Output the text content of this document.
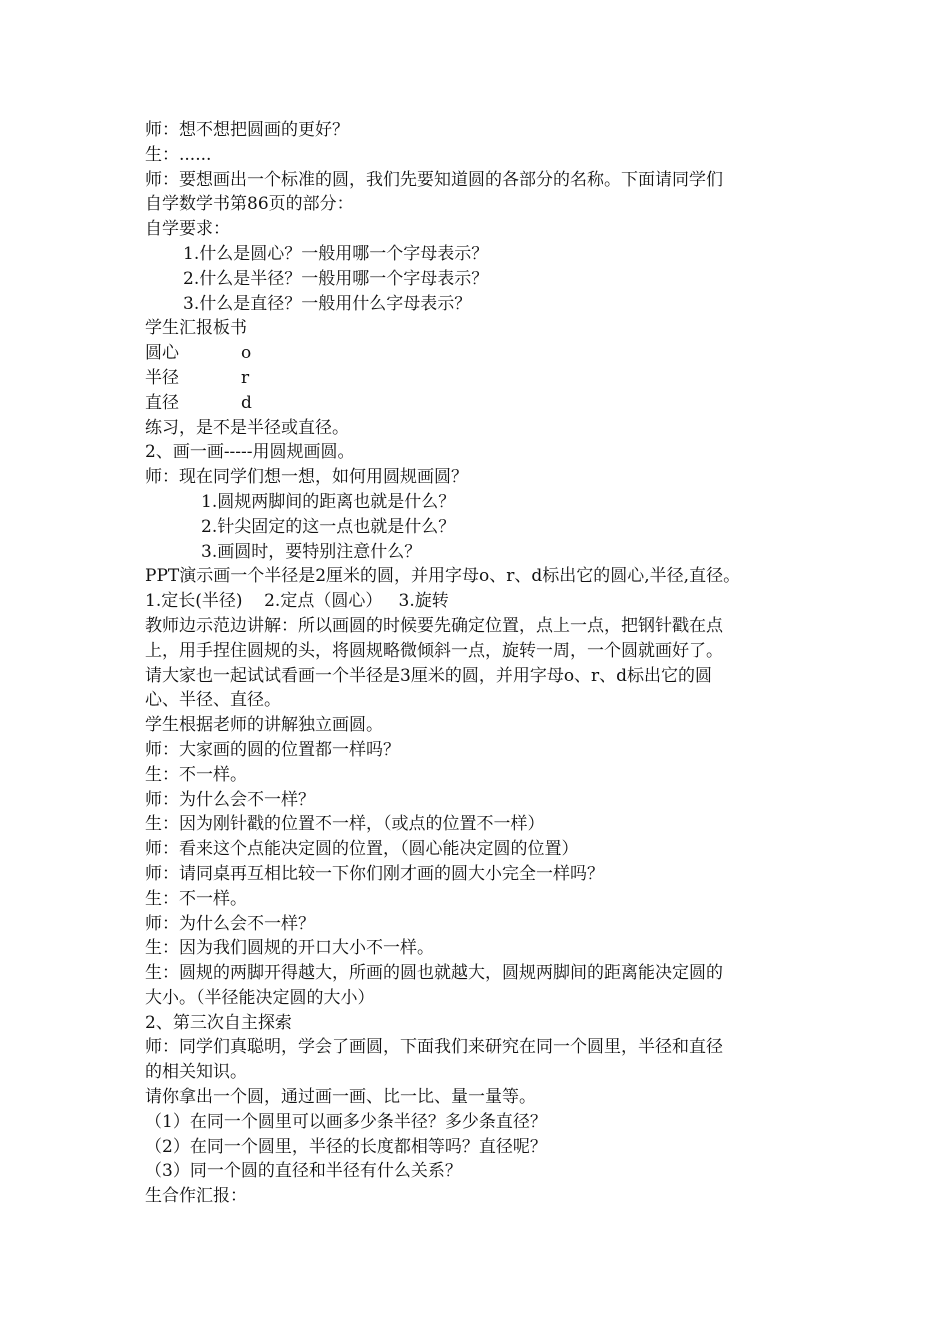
师：想不想把圆画的更好？
生：......
师：要想画出一个标准的圆，我们先要知道圆的各部分的名称。下面请同学们
自学数学书第86页的部分：
自学要求：
1.什么是圆心？一般用哪一个字母表示？
2.什么是半径？一般用哪一个字母表示？
3.什么是直径？一般用什么字母表示？
学生汇报板书
圆心	o
半径	r
直径	d
练习，是不是半径或直径。
2、画一画-----用圆规画圆。
师：现在同学们想一想，如何用圆规画圆？
1.圆规两脚间的距离也就是什么？
2.针尖固定的这一点也就是什么？
3.画圆时，要特别注意什么？
PPT演示画一个半径是2厘米的圆，并用字母o、r、d标出它的圆心,半径,直径。
1.定长(半径)    2.定点（圆心）   3.旋转
教师边示范边讲解：所以画圆的时候要先确定位置，点上一点，把钢针戳在点
上，用手捏住圆规的头，将圆规略微倾斜一点，旋转一周，一个圆就画好了。
请大家也一起试试看画一个半径是3厘米的圆，并用字母o、r、d标出它的圆
心、半径、直径。
学生根据老师的讲解独立画圆。
师：大家画的圆的位置都一样吗？
生：不一样。
师：为什么会不一样？
生：因为刚针戳的位置不一样，（或点的位置不一样）
师：看来这个点能决定圆的位置，（圆心能决定圆的位置）
师：请同桌再互相比较一下你们刚才画的圆大小完全一样吗？
生：不一样。
师：为什么会不一样？
生：因为我们圆规的开口大小不一样。
生：圆规的两脚开得越大，所画的圆也就越大，圆规两脚间的距离能决定圆的
大小。（半径能决定圆的大小）
2、第三次自主探索
师：同学们真聪明，学会了画圆，下面我们来研究在同一个圆里，半径和直径
的相关知识。
请你拿出一个圆，通过画一画、比一比、量一量等。
（1）在同一个圆里可以画多少条半径？多少条直径？
（2）在同一个圆里，半径的长度都相等吗？直径呢？
（3）同一个圆的直径和半径有什么关系？
生合作汇报：
